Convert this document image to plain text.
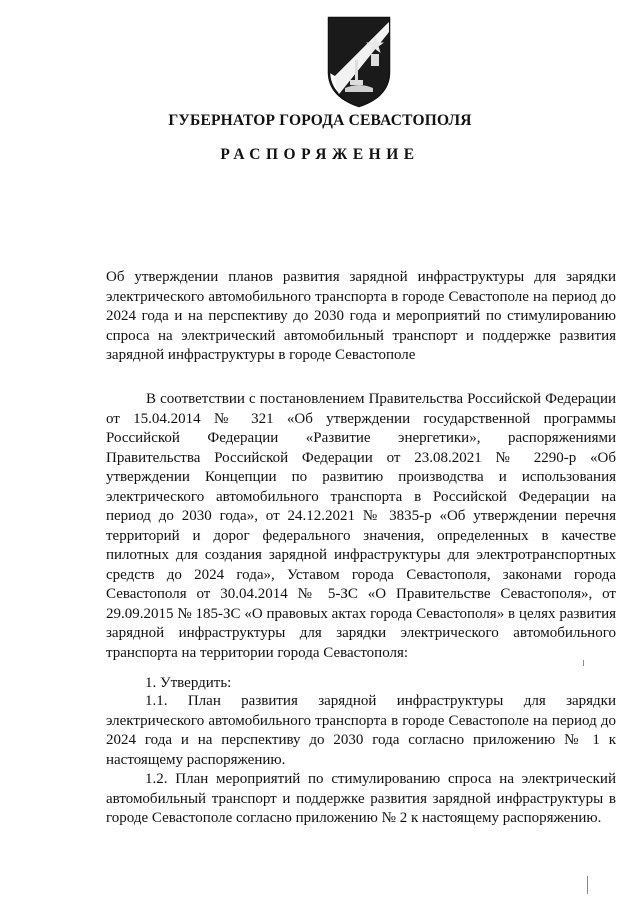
ГУБЕРНАТОР ГОРОДА СЕВАСТОПОЛЯ
РАСПОРЯЖЕНИЕ
Об утверждении планов развития зарядной инфраструктуры для зарядки электрического автомобильного транспорта в городе Севастополе на период до 2024 года и на перспективу до 2030 года и мероприятий по стимулированию спроса на электрический автомобильный транспорт и поддержке развития зарядной инфраструктуры в городе Севастополе
В соответствии с постановлением Правительства Российской Федерации от 15.04.2014 № 321 «Об утверждении государственной программы Российской Федерации «Развитие энергетики», распоряжениями Правительства Российской Федерации от 23.08.2021 № 2290-р «Об утверждении Концепции по развитию производства и использования электрического автомобильного транспорта в Российской Федерации на период до 2030 года», от 24.12.2021 № 3835-р «Об утверждении перечня территорий и дорог федерального значения, определенных в качестве пилотных для создания зарядной инфраструктуры для электротранспортных средств до 2024 года», Уставом города Севастополя, законами города Севастополя от 30.04.2014 № 5-ЗС «О Правительстве Севастополя», от 29.09.2015 № 185-ЗС «О правовых актах города Севастополя» в целях развития зарядной инфраструктуры для зарядки электрического автомобильного транспорта на территории города Севастополя:
1. Утвердить:
1.1. План развития зарядной инфраструктуры для зарядки электрического автомобильного транспорта в городе Севастополе на период до 2024 года и на перспективу до 2030 года согласно приложению № 1 к настоящему распоряжению.
1.2. План мероприятий по стимулированию спроса на электрический автомобильный транспорт и поддержке развития зарядной инфраструктуры в городе Севастополе согласно приложению № 2 к настоящему распоряжению.
